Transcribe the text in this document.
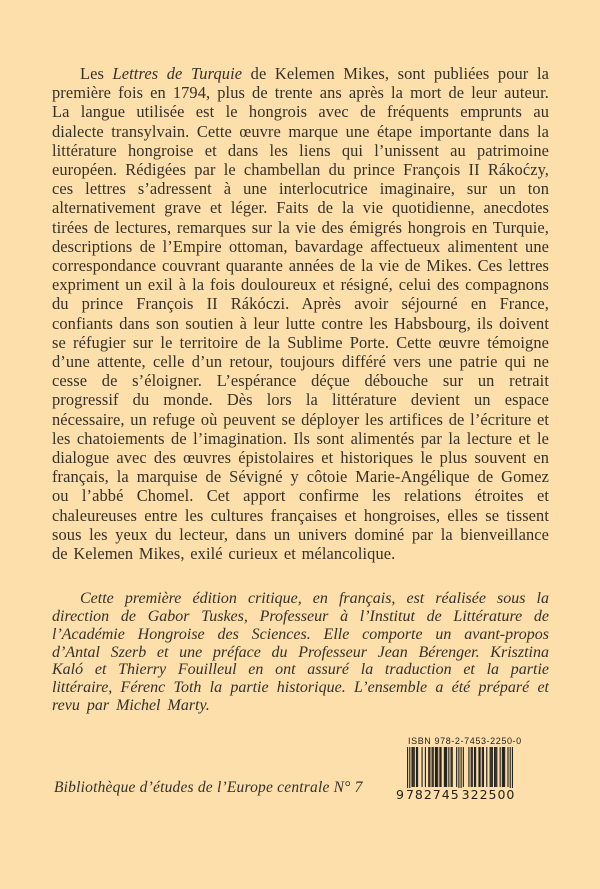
Les Lettres de Turquie de Kelemen Mikes, sont publiées pour la première fois en 1794, plus de trente ans après la mort de leur auteur. La langue utilisée est le hongrois avec de fréquents emprunts au dialecte transylvain. Cette œuvre marque une étape importante dans la littérature hongroise et dans les liens qui l’unissent au patrimoine européen. Rédigées par le chambellan du prince François II Rákoćzy, ces lettres s’adressent à une interlocutrice imaginaire, sur un ton alternativement grave et léger. Faits de la vie quotidienne, anecdotes tirées de lectures, remarques sur la vie des émigrés hongrois en Turquie, descriptions de l’Empire ottoman, bavardage affectueux alimentent une correspondance couvrant quarante années de la vie de Mikes. Ces lettres expriment un exil à la fois douloureux et résigné, celui des compagnons du prince François II Rákóczi. Après avoir séjourné en France, confiants dans son soutien à leur lutte contre les Habsbourg, ils doivent se réfugier sur le territoire de la Sublime Porte. Cette œuvre témoigne d’une attente, celle d’un retour, toujours différé vers une patrie qui ne cesse de s’éloigner. L’espérance déçue débouche sur un retrait progressif du monde. Dès lors la littérature devient un espace nécessaire, un refuge où peuvent se déployer les artifices de l’écriture et les chatoiements de l’imagination. Ils sont alimentés par la lecture et le dialogue avec des œuvres épistolaires et historiques le plus souvent en français, la marquise de Sévigné y côtoie Marie-Angélique de Gomez ou l’abbé Chomel. Cet apport confirme les relations étroites et chaleureuses entre les cultures françaises et hongroises, elles se tissent sous les yeux du lecteur, dans un univers dominé par la bienveillance de Kelemen Mikes, exilé curieux et mélancolique.

Cette première édition critique, en français, est réalisée sous la direction de Gabor Tuskes, Professeur à l’Institut de Littérature de l’Académie Hongroise des Sciences. Elle comporte un avant-propos d’Antal Szerb et une préface du Professeur Jean Bérenger. Krisztina Kaló et Thierry Fouilleul en ont assuré la traduction et la partie littéraire, Férenc Toth la partie historique. L’ensemble a été préparé et revu par Michel Marty.

ISBN 978-2-7453-2250-0
9 782745 322500
Bibliothèque d’études de l’Europe centrale N° 7
